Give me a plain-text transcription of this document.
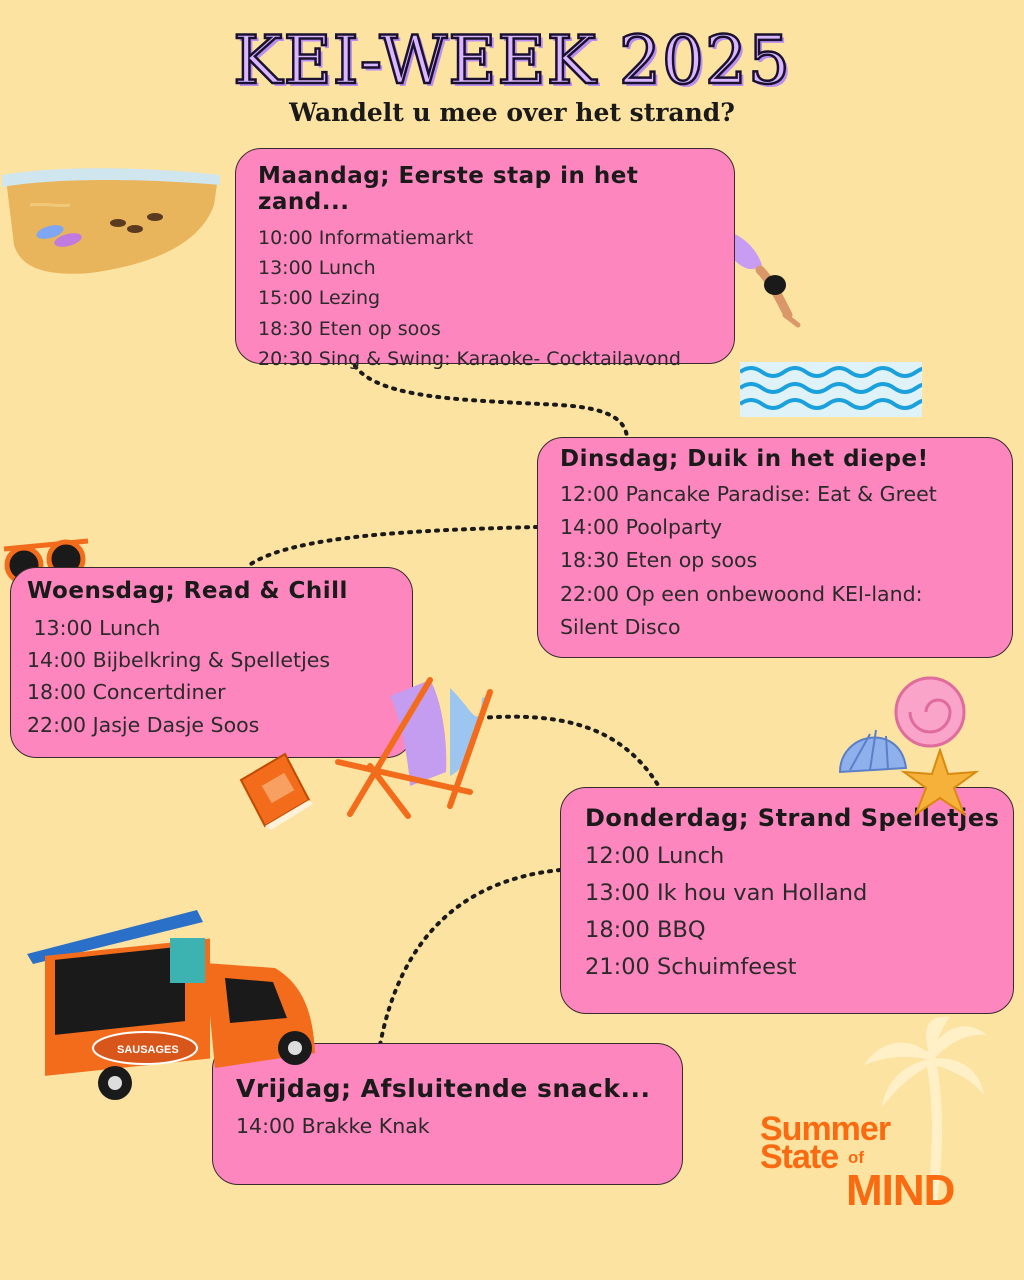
KEI-WEEK 2025
Wandelt u mee over het strand?
Maandag; Eerste stap in het zand...
10:00 Informatiemarkt
13:00 Lunch
15:00 Lezing
18:30 Eten op soos
20:30 Sing & Swing: Karaoke- Cocktailavond
Dinsdag; Duik in het diepe!
12:00 Pancake Paradise: Eat & Greet
14:00 Poolparty
18:30 Eten op soos
22:00 Op een onbewoond KEI-land:
Silent Disco
Woensdag; Read & Chill
13:00 Lunch
14:00 Bijbelkring & Spelletjes
18:00 Concertdiner
22:00 Jasje Dasje Soos
Donderdag; Strand Spelletjes
12:00 Lunch
13:00 Ik hou van Holland
18:00 BBQ
21:00 Schuimfeest
Vrijdag; Afsluitende snack...
14:00 Brakke Knak
SAUSAGES
Summer
State of
MIND
